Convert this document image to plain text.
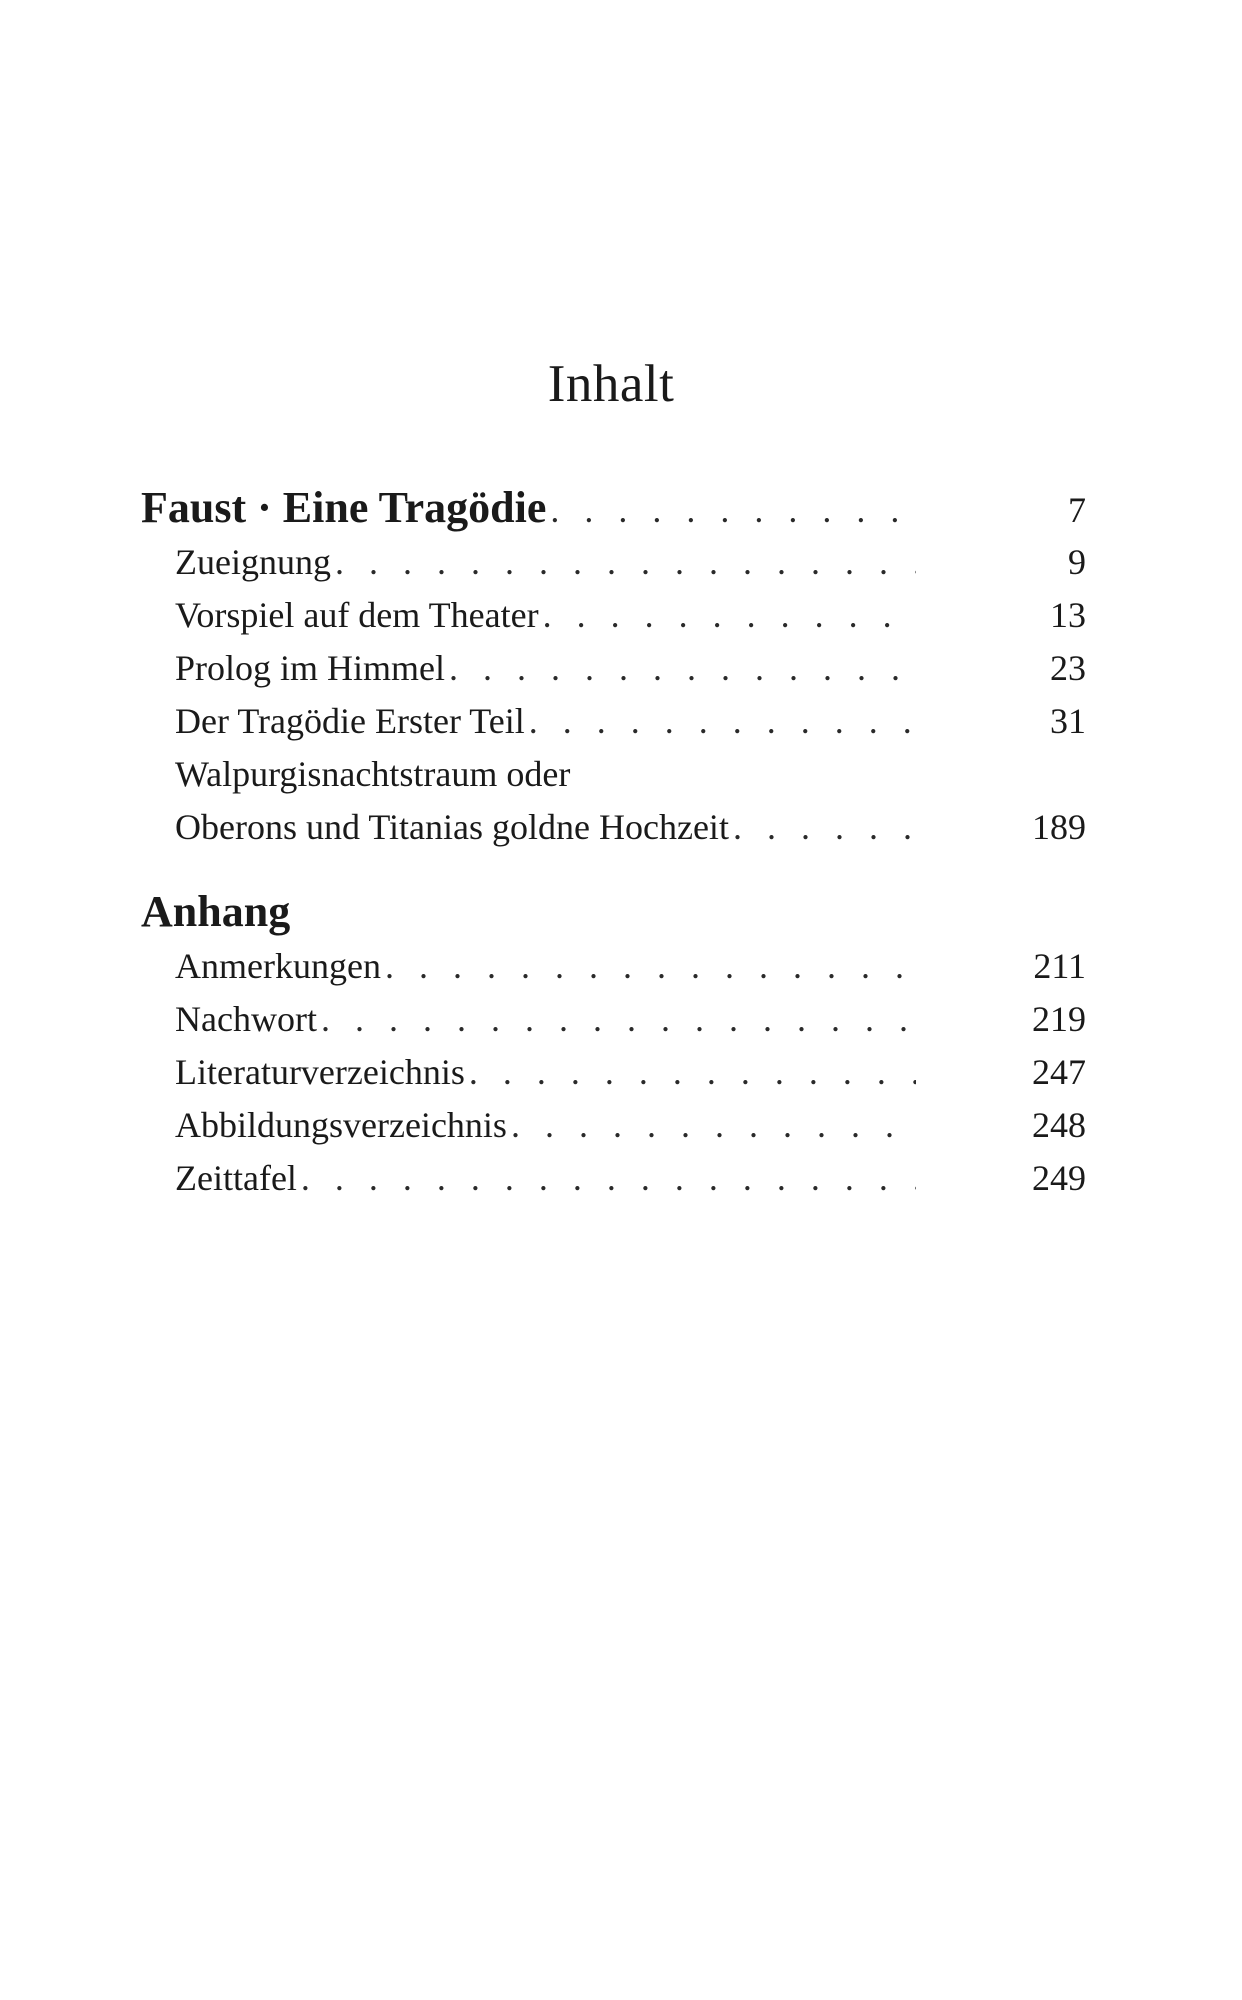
Inhalt
Faust · Eine Tragödie . . .	7
Zueignung . . .	9
Vorspiel auf dem Theater . . .	13
Prolog im Himmel . . .	23
Der Tragödie Erster Teil . . .	31
Walpurgisnachtstraum oder
Oberons und Titanias goldne Hochzeit . . .	189
Anhang
Anmerkungen . . .	211
Nachwort . . .	219
Literaturverzeichnis . . .	247
Abbildungsverzeichnis . . .	248
Zeittafel . . .	249
